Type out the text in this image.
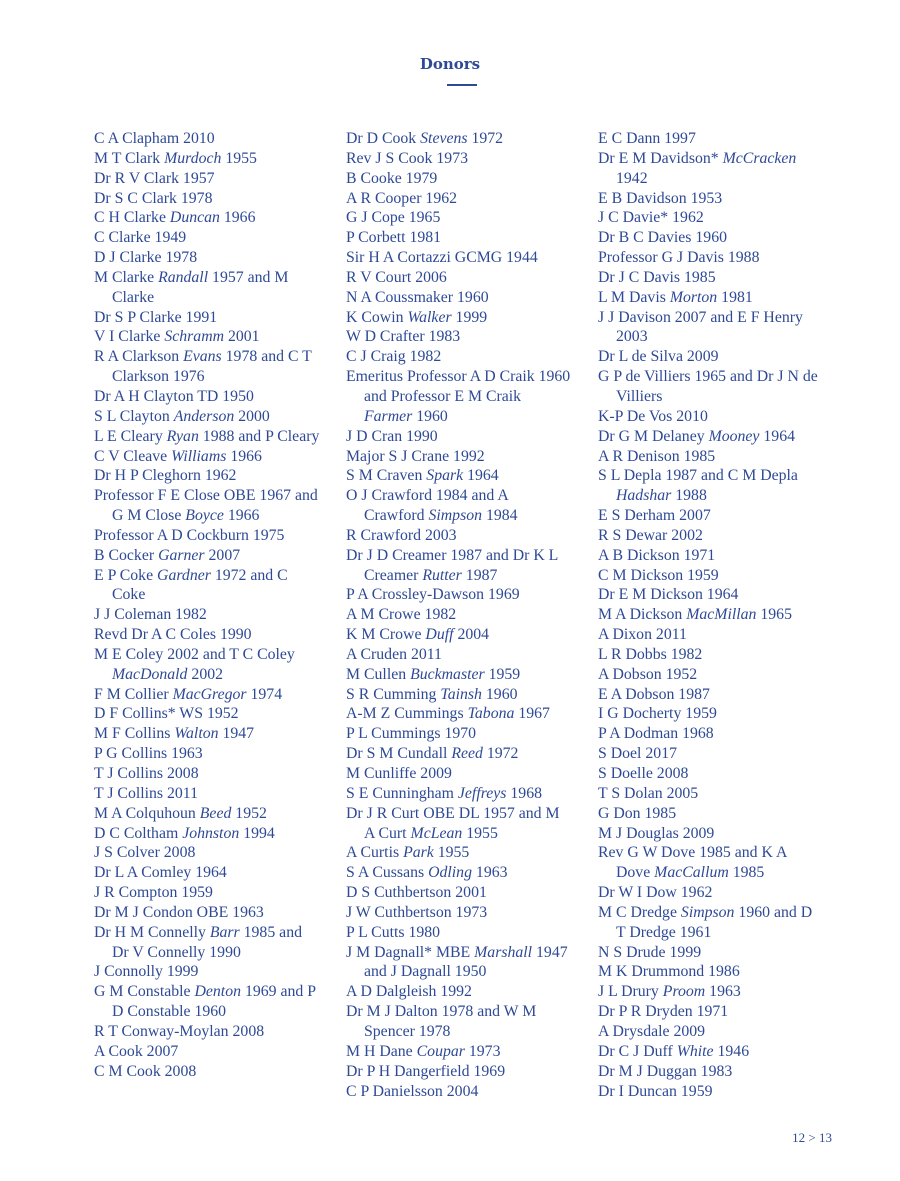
Donors
C A Clapham 2010
M T Clark Murdoch 1955
Dr R V Clark 1957
Dr S C Clark 1978
C H Clarke Duncan 1966
C Clarke 1949
D J Clarke 1978
M Clarke Randall 1957 and M Clarke
Dr S P Clarke 1991
V I Clarke Schramm 2001
R A Clarkson Evans 1978 and C T Clarkson 1976
Dr A H Clayton TD 1950
S L Clayton Anderson 2000
L E Cleary Ryan 1988 and P Cleary
C V Cleave Williams 1966
Dr H P Cleghorn 1962
Professor F E Close OBE 1967 and G M Close Boyce 1966
Professor A D Cockburn 1975
B Cocker Garner 2007
E P Coke Gardner 1972 and C Coke
J J Coleman 1982
Revd Dr A C Coles 1990
M E Coley 2002 and T C Coley MacDonald 2002
F M Collier MacGregor 1974
D F Collins* WS 1952
M F Collins Walton 1947
P G Collins 1963
T J Collins 2008
T J Collins 2011
M A Colquhoun Beed 1952
D C Coltham Johnston 1994
J S Colver 2008
Dr L A Comley 1964
J R Compton 1959
Dr M J Condon OBE 1963
Dr H M Connelly Barr 1985 and Dr V Connelly 1990
J Connolly 1999
G M Constable Denton 1969 and P D Constable 1960
R T Conway-Moylan 2008
A Cook 2007
C M Cook 2008
Dr D Cook Stevens 1972
Rev J S Cook 1973
B Cooke 1979
A R Cooper 1962
G J Cope 1965
P Corbett 1981
Sir H A Cortazzi GCMG 1944
R V Court 2006
N A Coussmaker 1960
K Cowin Walker 1999
W D Crafter 1983
C J Craig 1982
Emeritus Professor A D Craik 1960 and Professor E M Craik Farmer 1960
J D Cran 1990
Major S J Crane 1992
S M Craven Spark 1964
O J Crawford 1984 and A Crawford Simpson 1984
R Crawford 2003
Dr J D Creamer 1987 and Dr K L Creamer Rutter 1987
P A Crossley-Dawson 1969
A M Crowe 1982
K M Crowe Duff 2004
A Cruden 2011
M Cullen Buckmaster 1959
S R Cumming Tainsh 1960
A-M Z Cummings Tabona 1967
P L Cummings 1970
Dr S M Cundall Reed 1972
M Cunliffe 2009
S E Cunningham Jeffreys 1968
Dr J R Curt OBE DL 1957 and M A Curt McLean 1955
A Curtis Park 1955
S A Cussans Odling 1963
D S Cuthbertson 2001
J W Cuthbertson 1973
P L Cutts 1980
J M Dagnall* MBE Marshall 1947 and J Dagnall 1950
A D Dalgleish 1992
Dr M J Dalton 1978 and W M Spencer 1978
M H Dane Coupar 1973
Dr P H Dangerfield 1969
C P Danielsson 2004
E C Dann 1997
Dr E M Davidson* McCracken 1942
E B Davidson 1953
J C Davie* 1962
Dr B C Davies 1960
Professor G J Davis 1988
Dr J C Davis 1985
L M Davis Morton 1981
J J Davison 2007 and E F Henry 2003
Dr L de Silva 2009
G P de Villiers 1965 and Dr J N de Villiers
K-P De Vos 2010
Dr G M Delaney Mooney 1964
A R Denison 1985
S L Depla 1987 and C M Depla Hadshar 1988
E S Derham 2007
R S Dewar 2002
A B Dickson 1971
C M Dickson 1959
Dr E M Dickson 1964
M A Dickson MacMillan 1965
A Dixon 2011
L R Dobbs 1982
A Dobson 1952
E A Dobson 1987
I G Docherty 1959
P A Dodman 1968
S Doel 2017
S Doelle 2008
T S Dolan 2005
G Don 1985
M J Douglas 2009
Rev G W Dove 1985 and K A Dove MacCallum 1985
Dr W I Dow 1962
M C Dredge Simpson 1960 and D T Dredge 1961
N S Drude 1999
M K Drummond 1986
J L Drury Proom 1963
Dr P R Dryden 1971
A Drysdale 2009
Dr C J Duff White 1946
Dr M J Duggan 1983
Dr I Duncan 1959
12 > 13
